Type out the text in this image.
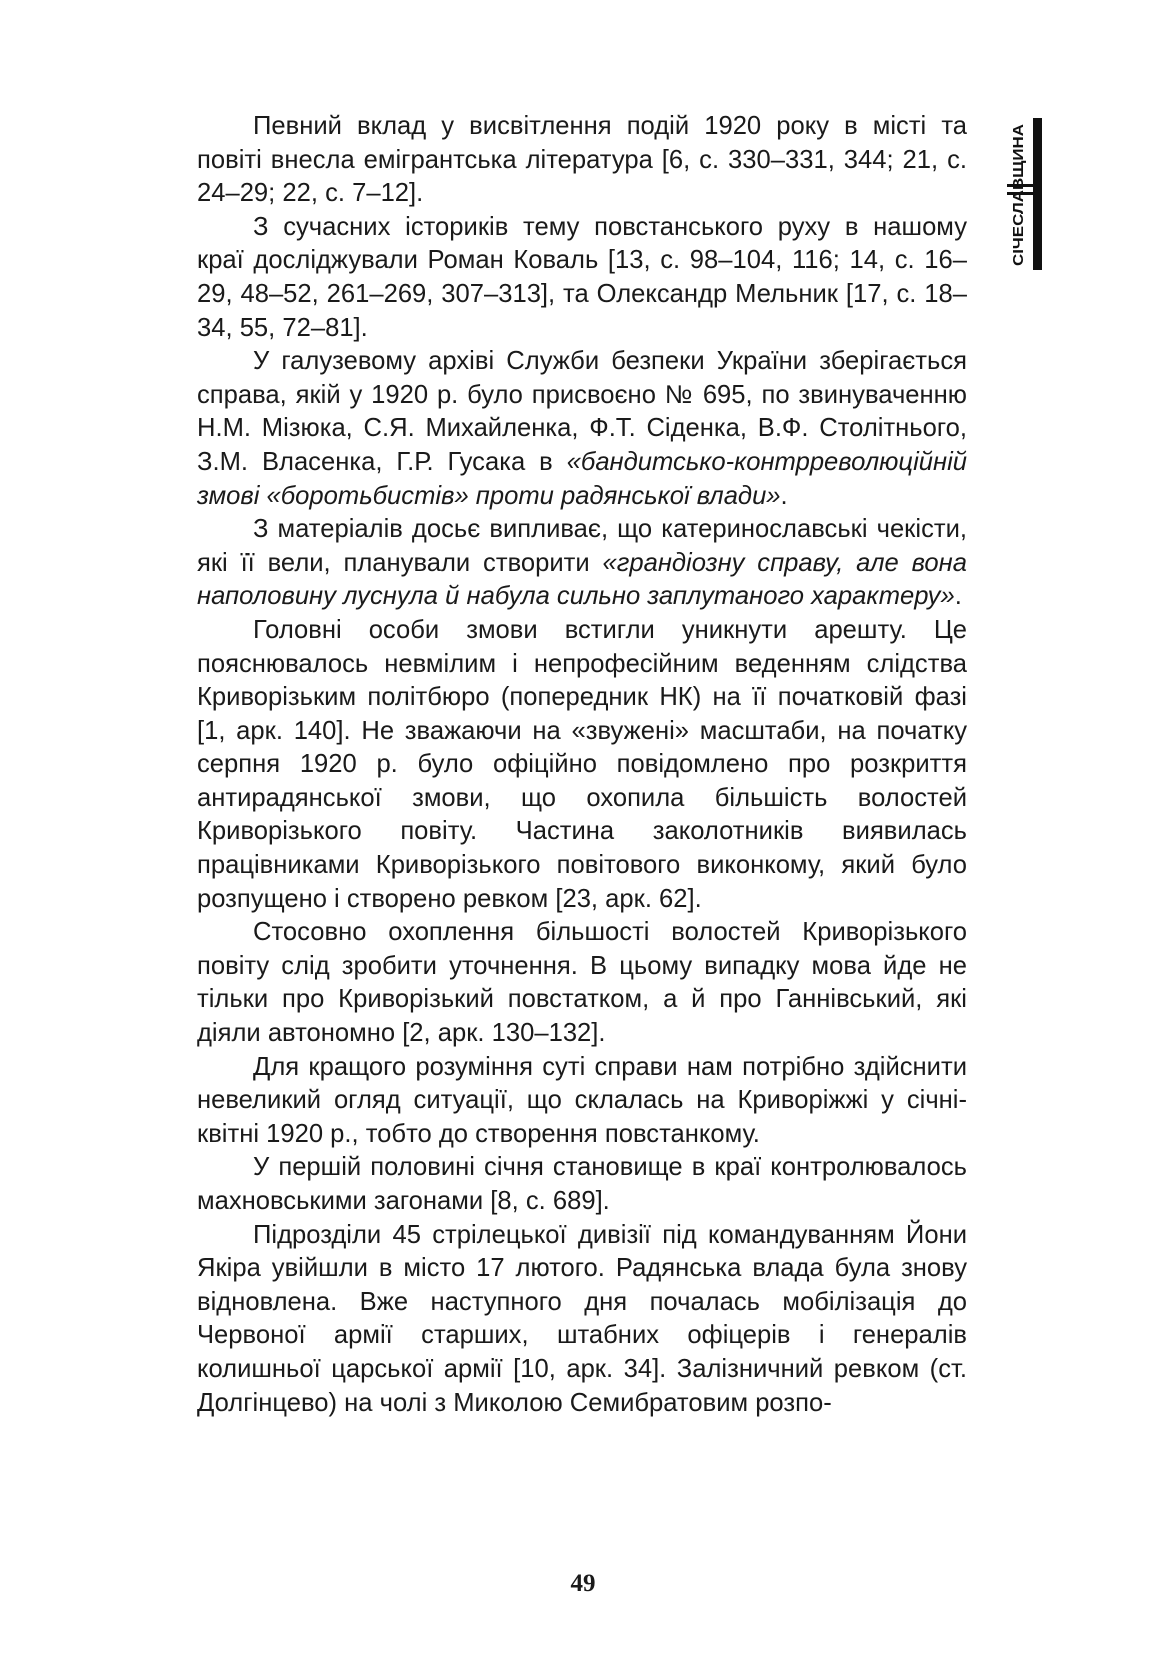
Певний вклад у висвітлення подій 1920 року в місті та повіті внесла емігрантська література [6, с. 330–331, 344; 21, с. 24–29; 22, с. 7–12].

З сучасних істориків тему повстанського руху в нашому краї досліджували Роман Коваль [13, с. 98–104, 116; 14, с. 16–29, 48–52, 261–269, 307–313], та Олександр Мельник [17, с. 18–34, 55, 72–81].

У галузевому архіві Служби безпеки України зберігається справа, якій у 1920 р. було присвоєно № 695, по звинуваченню Н.М. Мізюка, С.Я. Михайленка, Ф.Т. Сіденка, В.Ф. Столітнього, З.М. Власенка, Г.Р. Гусака в «бандитсько-контрреволюційній змові «боротьбистів» проти радянської влади».

З матеріалів досьє випливає, що катеринославські чекісти, які її вели, планували створити «грандіозну справу, але вона наполовину луснула й набула сильно заплутаного характеру».

Головні особи змови встигли уникнути арешту. Це пояснювалось невмілим і непрофесійним веденням слідства Криворізьким політбюро (попередник НК) на її початковій фазі [1, арк. 140]. Не зважаючи на «звужені» масштаби, на початку серпня 1920 р. було офіційно повідомлено про розкриття антирадянської змови, що охопила більшість волостей Криворізького повіту. Частина заколотників виявилась працівниками Криворізького повітового виконкому, який було розпущено і створено ревком [23, арк. 62].

Стосовно охоплення більшості волостей Криворізького повіту слід зробити уточнення. В цьому випадку мова йде не тільки про Криворізький повстатком, а й про Ганнівський, які діяли автономно [2, арк. 130–132].

Для кращого розуміння суті справи нам потрібно здійснити невеликий огляд ситуації, що склалась на Криворіжжі у січні-квітні 1920 р., тобто до створення повстанкому.

У першій половині січня становище в краї контролювалось махновськими загонами [8, с. 689].

Підрозділи 45 стрілецької дивізії під командуванням Йони Якіра увійшли в місто 17 лютого. Радянська влада була знову відновлена. Вже наступного дня почалась мобілізація до Червоної армії старших, штабних офіцерів і генералів колишньої царської армії [10, арк. 34]. Залізничний ревком (ст. Долгінцево) на чолі з Миколою Семибратовим розпо-

СІЧЕСЛАВЩИНА
49
